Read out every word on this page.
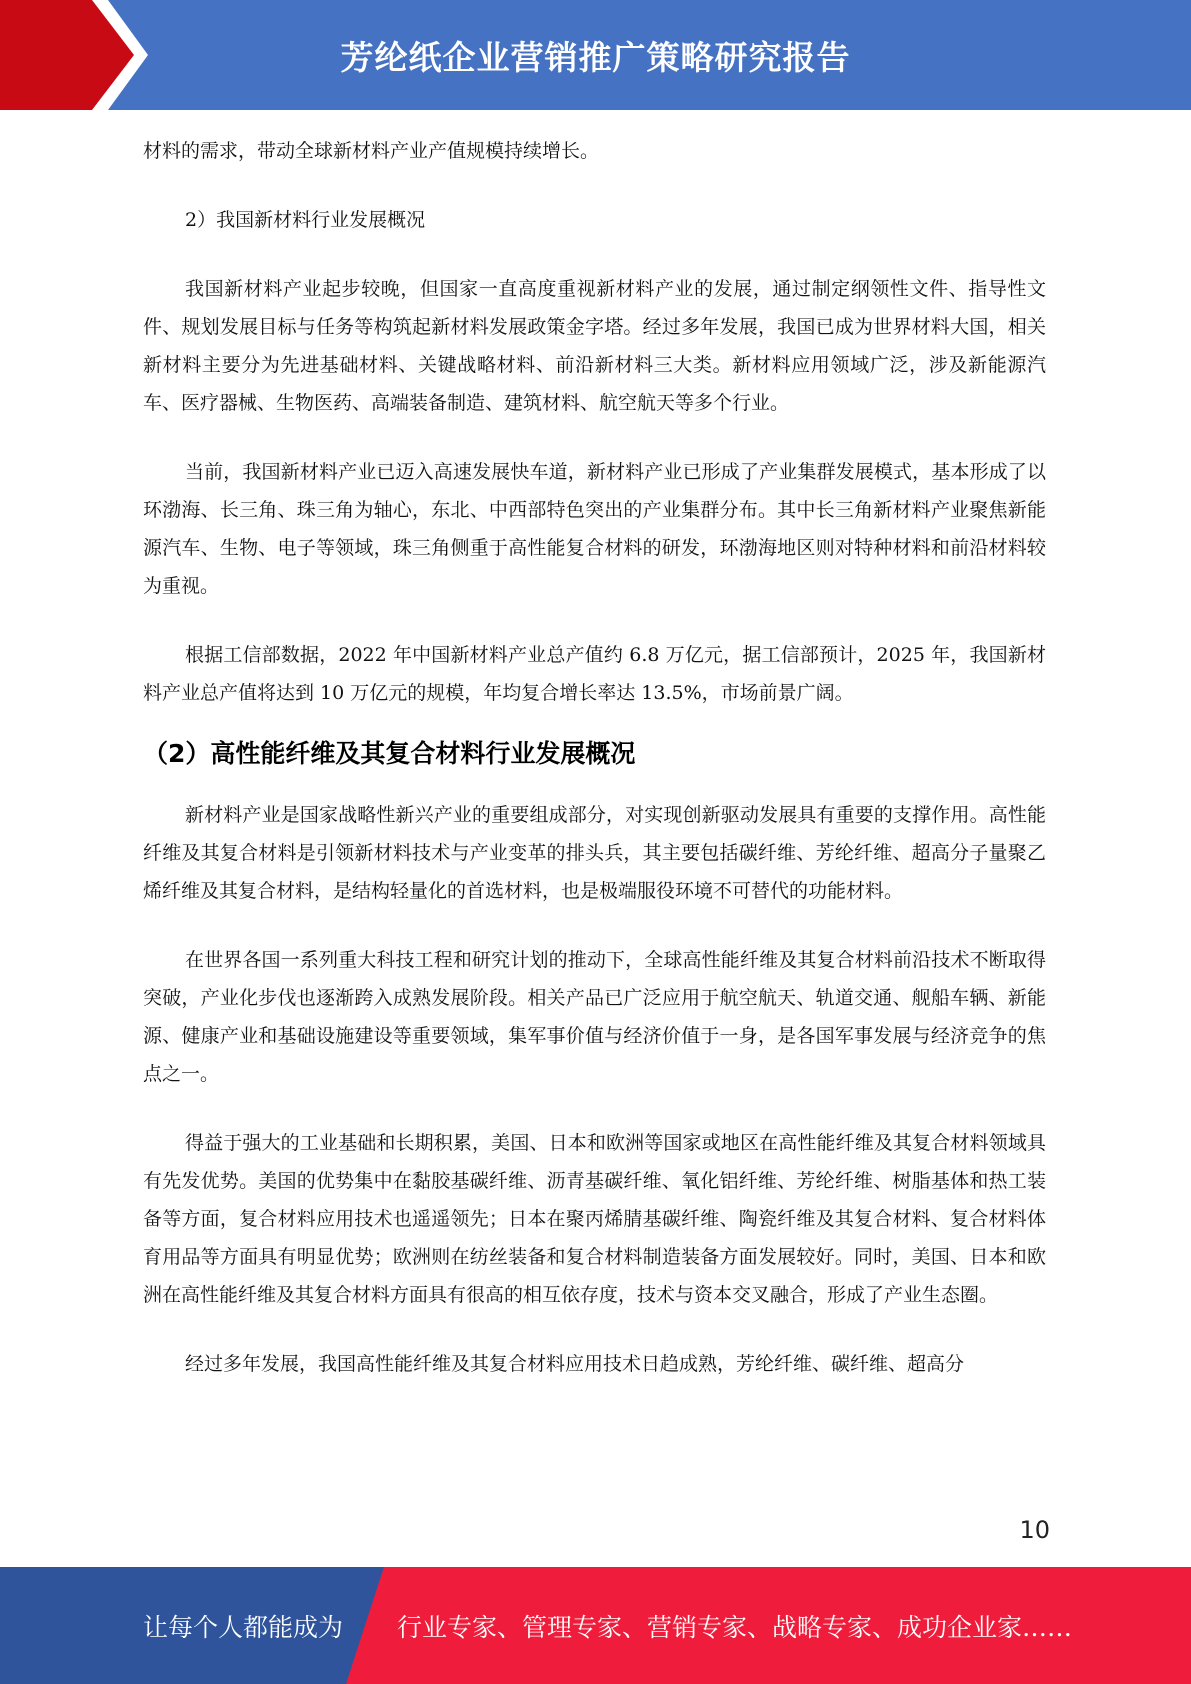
芳纶纸企业营销推广策略研究报告

材料的需求，带动全球新材料产业产值规模持续增长。

2）我国新材料行业发展概况

我国新材料产业起步较晚，但国家一直高度重视新材料产业的发展，通过制定纲领性文件、指导性文件、规划发展目标与任务等构筑起新材料发展政策金字塔。经过多年发展，我国已成为世界材料大国，相关新材料主要分为先进基础材料、关键战略材料、前沿新材料三大类。新材料应用领域广泛，涉及新能源汽车、医疗器械、生物医药、高端装备制造、建筑材料、航空航天等多个行业。

当前，我国新材料产业已迈入高速发展快车道，新材料产业已形成了产业集群发展模式，基本形成了以环渤海、长三角、珠三角为轴心，东北、中西部特色突出的产业集群分布。其中长三角新材料产业聚焦新能源汽车、生物、电子等领域，珠三角侧重于高性能复合材料的研发，环渤海地区则对特种材料和前沿材料较为重视。

根据工信部数据，2022 年中国新材料产业总产值约 6.8 万亿元，据工信部预计，2025 年，我国新材料产业总产值将达到 10 万亿元的规模，年均复合增长率达 13.5%，市场前景广阔。

（2）高性能纤维及其复合材料行业发展概况

新材料产业是国家战略性新兴产业的重要组成部分，对实现创新驱动发展具有重要的支撑作用。高性能纤维及其复合材料是引领新材料技术与产业变革的排头兵，其主要包括碳纤维、芳纶纤维、超高分子量聚乙烯纤维及其复合材料，是结构轻量化的首选材料，也是极端服役环境不可替代的功能材料。

在世界各国一系列重大科技工程和研究计划的推动下，全球高性能纤维及其复合材料前沿技术不断取得突破，产业化步伐也逐渐跨入成熟发展阶段。相关产品已广泛应用于航空航天、轨道交通、舰船车辆、新能源、健康产业和基础设施建设等重要领域，集军事价值与经济价值于一身，是各国军事发展与经济竞争的焦点之一。

得益于强大的工业基础和长期积累，美国、日本和欧洲等国家或地区在高性能纤维及其复合材料领域具有先发优势。美国的优势集中在黏胶基碳纤维、沥青基碳纤维、氧化铝纤维、芳纶纤维、树脂基体和热工装备等方面，复合材料应用技术也遥遥领先；日本在聚丙烯腈基碳纤维、陶瓷纤维及其复合材料、复合材料体育用品等方面具有明显优势；欧洲则在纺丝装备和复合材料制造装备方面发展较好。同时，美国、日本和欧洲在高性能纤维及其复合材料方面具有很高的相互依存度，技术与资本交叉融合，形成了产业生态圈。

经过多年发展，我国高性能纤维及其复合材料应用技术日趋成熟，芳纶纤维、碳纤维、超高分

10
让每个人都能成为 行业专家、管理专家、营销专家、战略专家、成功企业家……
